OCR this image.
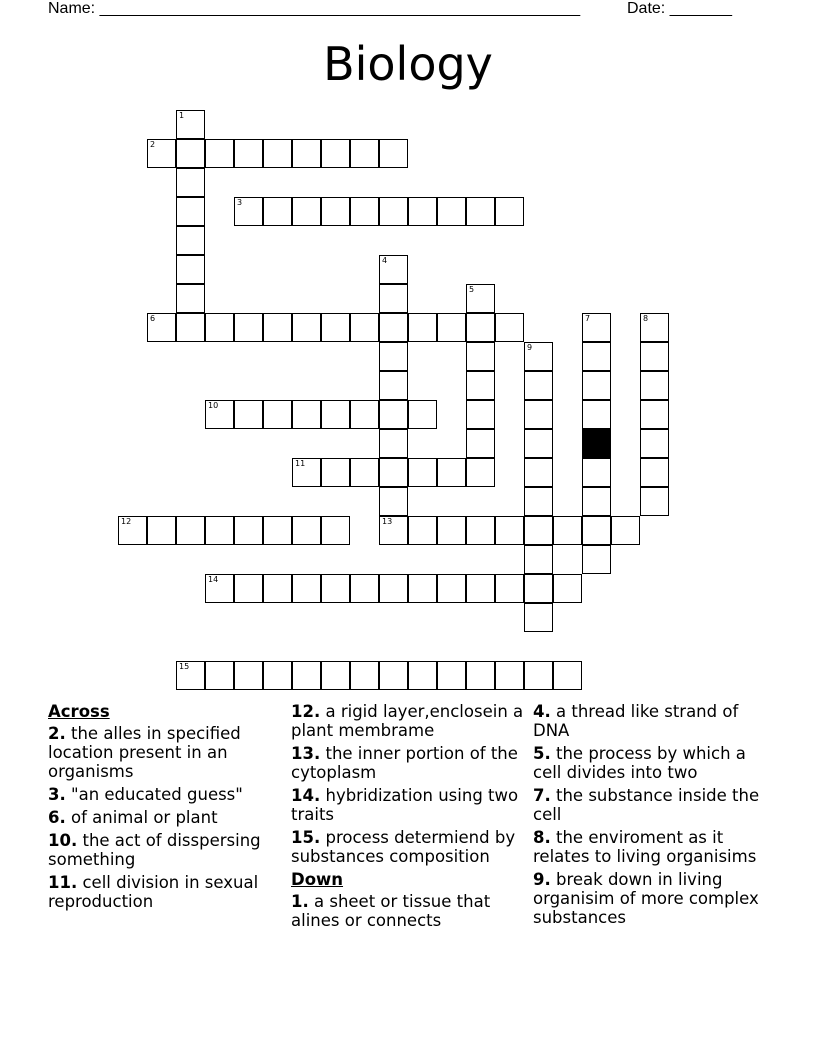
Name: ______________________________________________________	Date: _______
Biology
2
3
6
10
11
12	13
14
15
1
4
5
7	8
9
Across
2. the alles in specified location present in an organisms
3. "an educated guess"
6. of animal or plant
10. the act of disspersing something
11. cell division in sexual reproduction
12. a rigid layer,enclosein a plant membrame
13. the inner portion of the cytoplasm
14. hybridization using two traits
15. process determiend by substances composition
Down
1. a sheet or tissue that alines or connects
4. a thread like strand of DNA
5. the process by which a cell divides into two
7. the substance inside the cell
8. the enviroment as it relates to living organisims
9. break down in living organisim of more complex substances
